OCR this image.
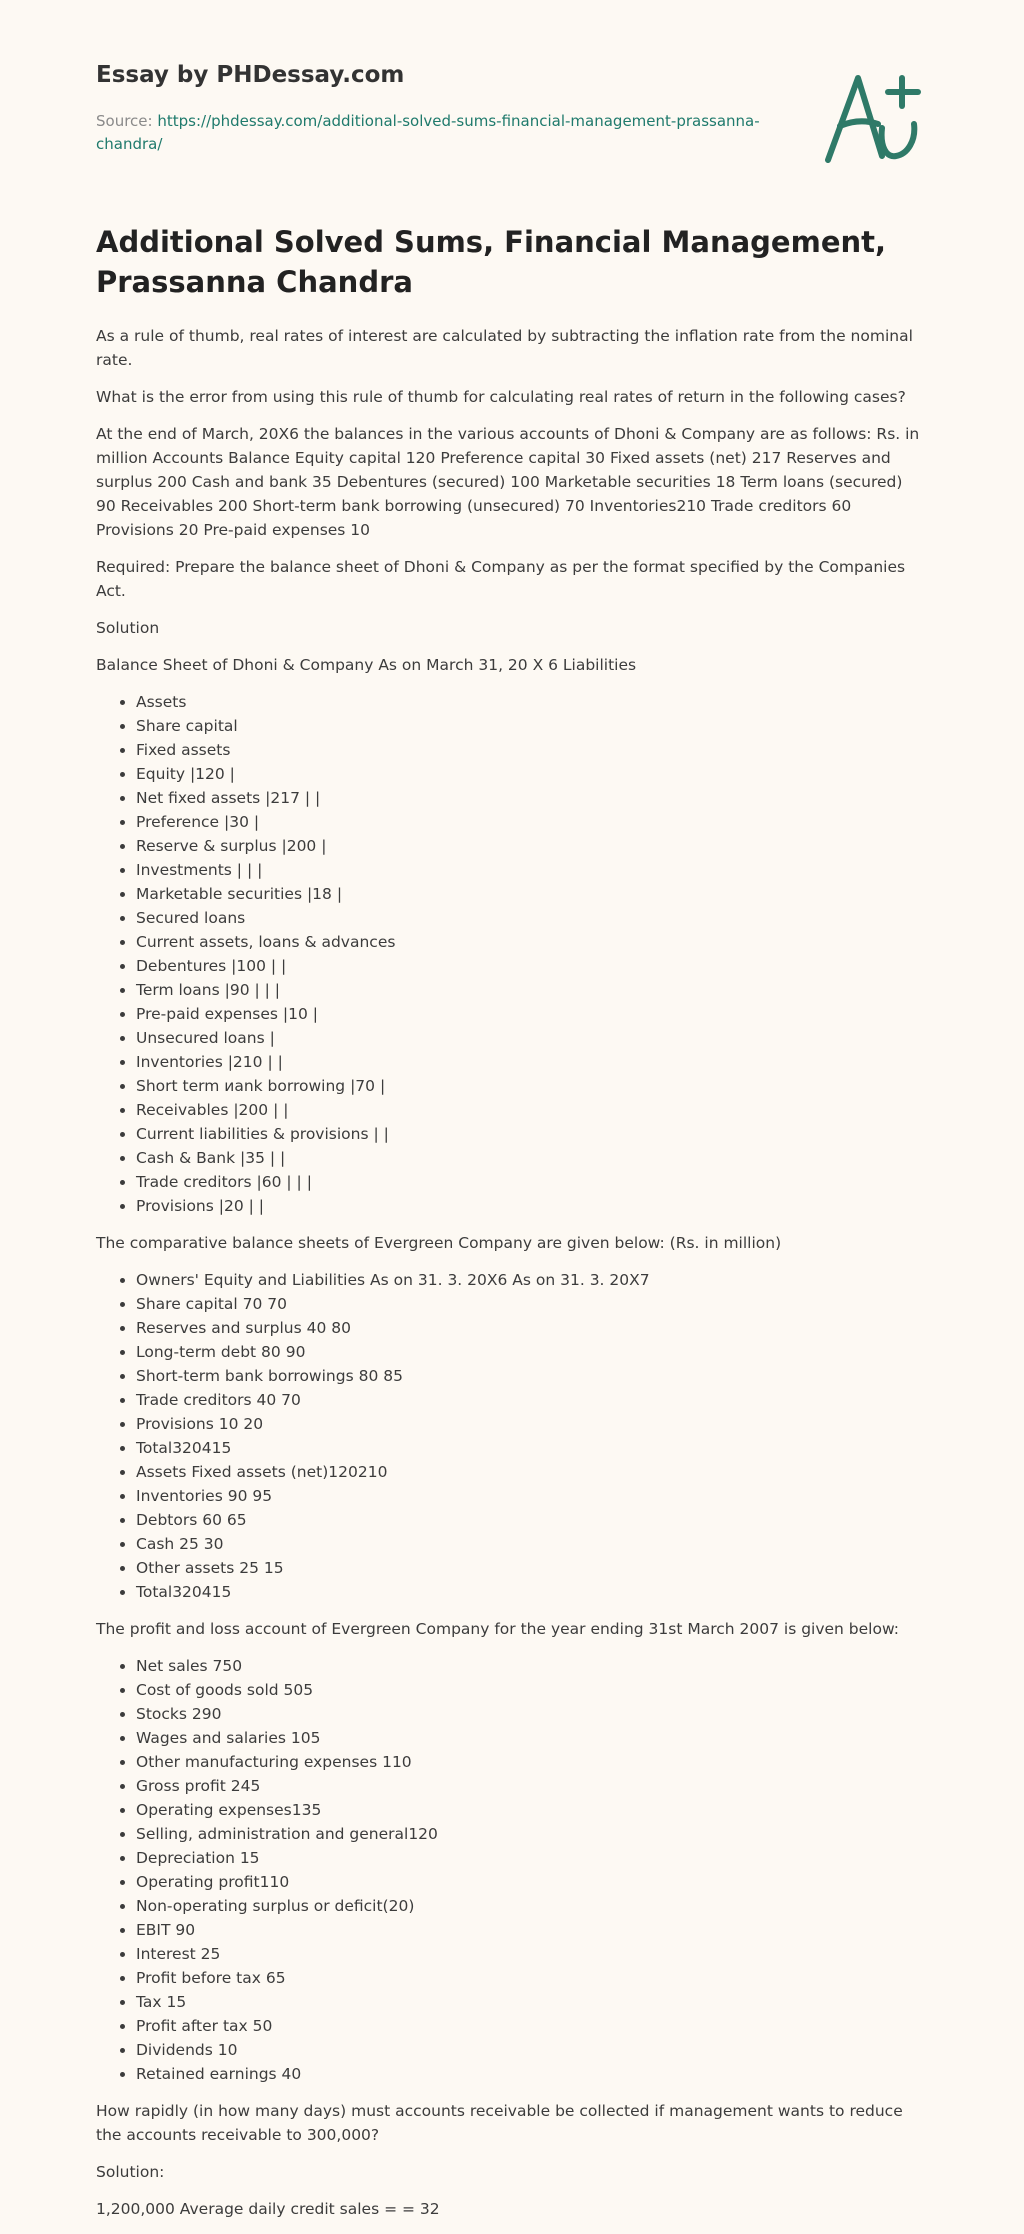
Essay by PHDessay.com
Source: https://phdessay.com/additional-solved-sums-financial-management-prassanna-chandra/
Additional Solved Sums, Financial Management, Prassanna Chandra

As a rule of thumb, real rates of interest are calculated by subtracting the inflation rate from the nominal rate.

What is the error from using this rule of thumb for calculating real rates of return in the following cases?

At the end of March, 20X6 the balances in the various accounts of Dhoni & Company are as follows: Rs. in million Accounts Balance Equity capital 120 Preference capital 30 Fixed assets (net) 217 Reserves and surplus 200 Cash and bank 35 Debentures (secured) 100 Marketable securities 18 Term loans (secured) 90 Receivables 200 Short-term bank borrowing (unsecured) 70 Inventories210 Trade creditors 60 Provisions 20 Pre-paid expenses 10

Required: Prepare the balance sheet of Dhoni & Company as per the format specified by the Companies Act.

Solution

Balance Sheet of Dhoni & Company As on March 31, 20 X 6 Liabilities

• Assets
• Share capital
• Fixed assets
• Equity |120 |
• Net fixed assets |217 | |
• Preference |30 |
• Reserve & surplus |200 |
• Investments | | |
• Marketable securities |18 |
• Secured loans
• Current assets, loans & advances
• Debentures |100 | |
• Term loans |90 | | |
• Pre-paid expenses |10 |
• Unsecured loans |
• Inventories |210 | |
• Short term иank borrowing |70 |
• Receivables |200 | |
• Current liabilities & provisions | |
• Cash & Bank |35 | |
• Trade creditors |60 | | |
• Provisions |20 | |

The comparative balance sheets of Evergreen Company are given below: (Rs. in million)

• Owners' Equity and Liabilities As on 31. 3. 20X6 As on 31. 3. 20X7
• Share capital 70 70
• Reserves and surplus 40 80
• Long-term debt 80 90
• Short-term bank borrowings 80 85
• Trade creditors 40 70
• Provisions 10 20
• Total320415
• Assets Fixed assets (net)120210
• Inventories 90 95
• Debtors 60 65
• Cash 25 30
• Other assets 25 15
• Total320415

The profit and loss account of Evergreen Company for the year ending 31st March 2007 is given below:

• Net sales 750
• Cost of goods sold 505
• Stocks 290
• Wages and salaries 105
• Other manufacturing expenses 110
• Gross profit 245
• Operating expenses135
• Selling, administration and general120
• Depreciation 15
• Operating profit110
• Non-operating surplus or deficit(20)
• EBIT 90
• Interest 25
• Profit before tax 65
• Tax 15
• Profit after tax 50
• Dividends 10
• Retained earnings 40

How rapidly (in how many days) must accounts receivable be collected if management wants to reduce the accounts receivable to 300,000?

Solution:

1,200,000 Average daily credit sales = = 32
